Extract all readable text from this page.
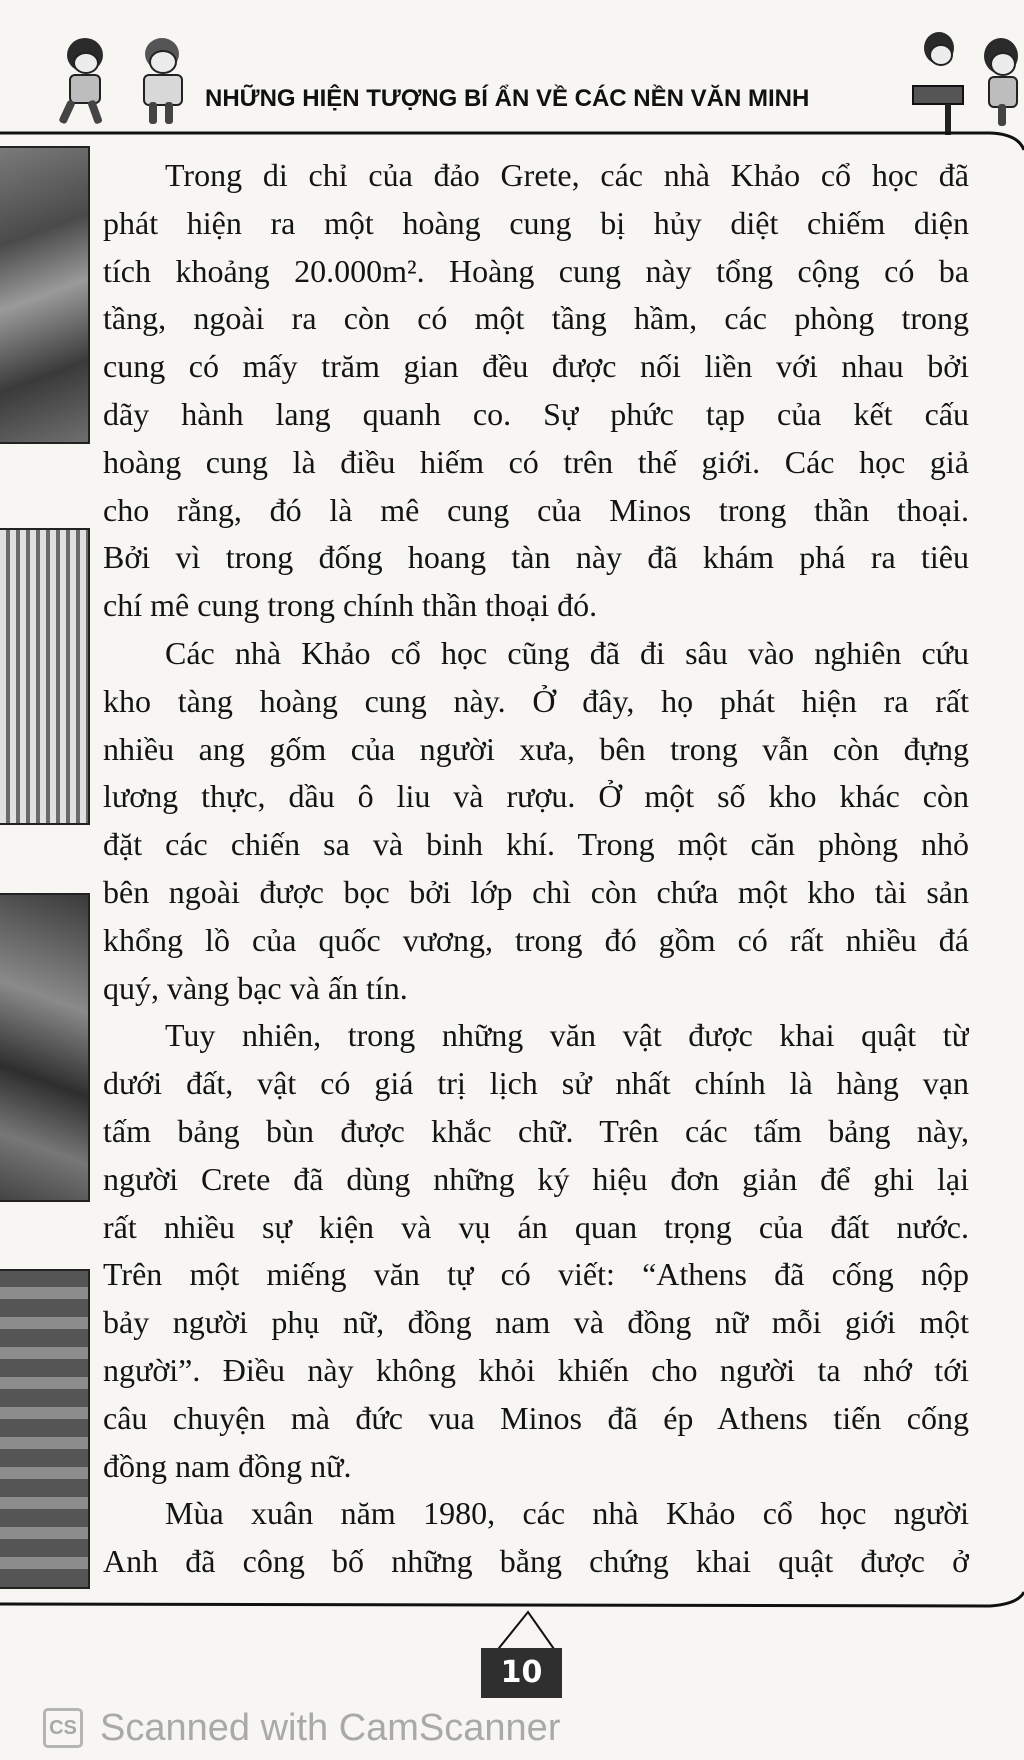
NHỮNG HIỆN TƯỢNG BÍ ẨN VỀ CÁC NỀN VĂN MINH
Trong di chỉ của đảo Grete, các nhà Khảo cổ học đã
phát hiện ra một hoàng cung bị hủy diệt chiếm diện
tích khoảng 20.000m². Hoàng cung này tổng cộng có ba
tầng, ngoài ra còn có một tầng hầm, các phòng trong
cung có mấy trăm gian đều được nối liền với nhau bởi
dãy hành lang quanh co. Sự phức tạp của kết cấu
hoàng cung là điều hiếm có trên thế giới. Các học giả
cho rằng, đó là mê cung của Minos trong thần thoại.
Bởi vì trong đống hoang tàn này đã khám phá ra tiêu
chí mê cung trong chính thần thoại đó.
Các nhà Khảo cổ học cũng đã đi sâu vào nghiên cứu
kho tàng hoàng cung này. Ở đây, họ phát hiện ra rất
nhiều ang gốm của người xưa, bên trong vẫn còn đựng
lương thực, dầu ô liu và rượu. Ở một số kho khác còn
đặt các chiến sa và binh khí. Trong một căn phòng nhỏ
bên ngoài được bọc bởi lớp chì còn chứa một kho tài sản
khổng lồ của quốc vương, trong đó gồm có rất nhiều đá
quý, vàng bạc và ấn tín.
Tuy nhiên, trong những văn vật được khai quật từ
dưới đất, vật có giá trị lịch sử nhất chính là hàng vạn
tấm bảng bùn được khắc chữ. Trên các tấm bảng này,
người Crete đã dùng những ký hiệu đơn giản để ghi lại
rất nhiều sự kiện và vụ án quan trọng của đất nước.
Trên một miếng văn tự có viết: “Athens đã cống nộp
bảy người phụ nữ, đồng nam và đồng nữ mỗi giới một
người”. Điều này không khỏi khiến cho người ta nhớ tới
câu chuyện mà đức vua Minos đã ép Athens tiến cống
đồng nam đồng nữ.
Mùa xuân năm 1980, các nhà Khảo cổ học người
Anh đã công bố những bằng chứng khai quật được ở
10
CS Scanned with CamScanner
